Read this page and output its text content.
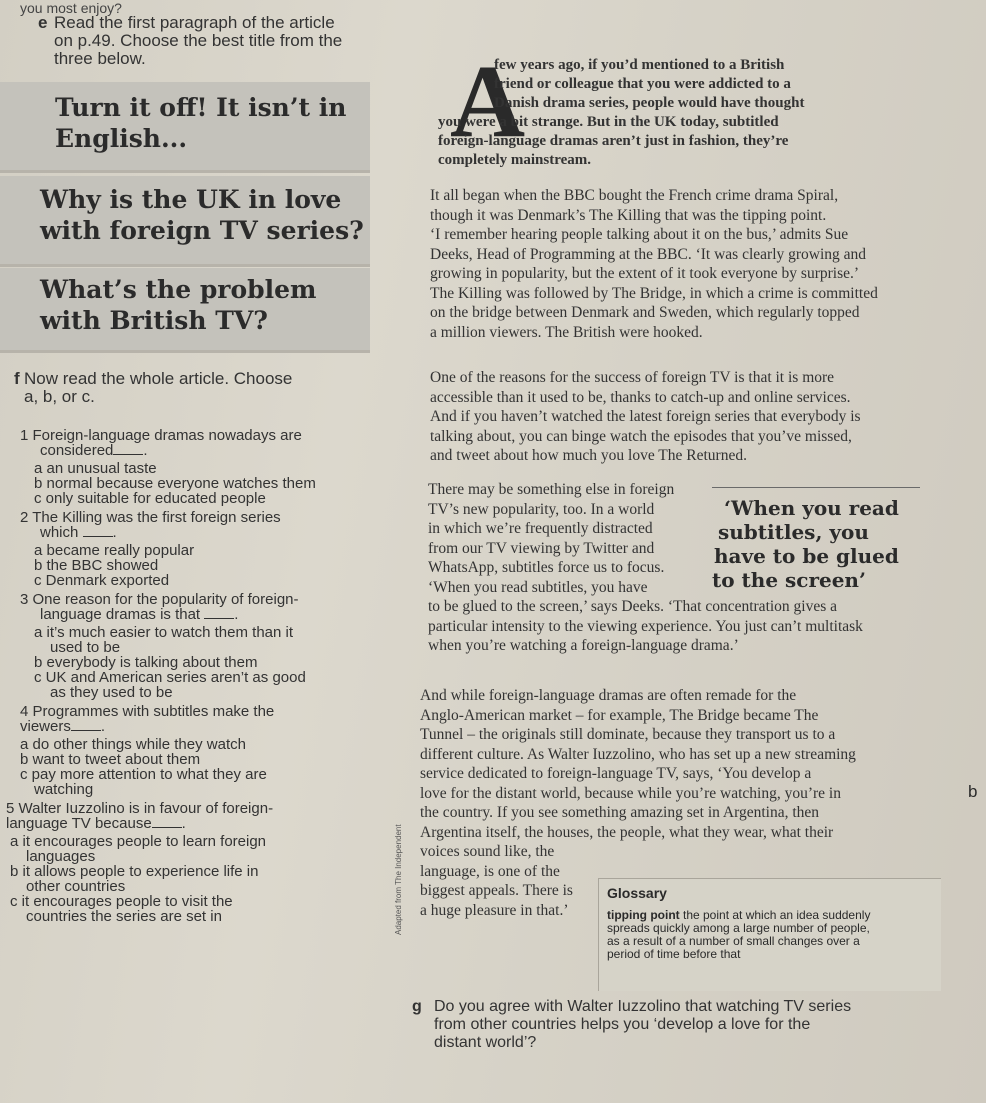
you most enjoy?
e Read the first paragraph of the article
on p.49. Choose the best title from the
three below.
Turn it off! It isn’t in
English...
Why is the UK in love
with foreign TV series?
What’s the problem
with British TV?
f Now read the whole article. Choose
a, b, or c.
1 Foreign-language dramas nowadays are
considered .
a an unusual taste
b normal because everyone watches them
c only suitable for educated people
2 The Killing was the first foreign series
which .
a became really popular
b the BBC showed
c Denmark exported
3 One reason for the popularity of foreign-
language dramas is that .
a it’s much easier to watch them than it
used to be
b everybody is talking about them
c UK and American series aren’t as good
as they used to be
4 Programmes with subtitles make the
viewers .
a do other things while they watch
b want to tweet about them
c pay more attention to what they are
watching
5 Walter Iuzzolino is in favour of foreign-
language TV because .
a it encourages people to learn foreign
languages
b it allows people to experience life in
other countries
c it encourages people to visit the
countries the series are set in
A
few years ago, if you’d mentioned to a British
friend or colleague that you were addicted to a
Danish drama series, people would have thought
you were a bit strange. But in the UK today, subtitled
foreign-language dramas aren’t just in fashion, they’re
completely mainstream.
It all began when the BBC bought the French crime drama Spiral,
though it was Denmark’s The Killing that was the tipping point.
‘I remember hearing people talking about it on the bus,’ admits Sue
Deeks, Head of Programming at the BBC. ‘It was clearly growing and
growing in popularity, but the extent of it took everyone by surprise.’
The Killing was followed by The Bridge, in which a crime is committed
on the bridge between Denmark and Sweden, which regularly topped
a million viewers. The British were hooked.
One of the reasons for the success of foreign TV is that it is more
accessible than it used to be, thanks to catch-up and online services.
And if you haven’t watched the latest foreign series that everybody is
talking about, you can binge watch the episodes that you’ve missed,
and tweet about how much you love The Returned.
There may be something else in foreign
TV’s new popularity, too. In a world
in which we’re frequently distracted
from our TV viewing by Twitter and
WhatsApp, subtitles force us to focus.
‘When you read subtitles, you have
to be glued to the screen,’ says Deeks. ‘That concentration gives a
particular intensity to the viewing experience. You just can’t multitask
when you’re watching a foreign-language drama.’
‘When you read
subtitles, you
have to be glued
to the screen’
And while foreign-language dramas are often remade for the
Anglo-American market – for example, The Bridge became The
Tunnel – the originals still dominate, because they transport us to a
different culture. As Walter Iuzzolino, who has set up a new streaming
service dedicated to foreign-language TV, says, ‘You develop a
love for the distant world, because while you’re watching, you’re in
the country. If you see something amazing set in Argentina, then
Argentina itself, the houses, the people, what they wear, what their
voices sound like, the
language, is one of the
biggest appeals. There is
a huge pleasure in that.’
Adapted from The Independent
b
Glossary
tipping point the point at which an idea suddenly
spreads quickly among a large number of people,
as a result of a number of small changes over a
period of time before that
g Do you agree with Walter Iuzzolino that watching TV series
from other countries helps you ‘develop a love for the
distant world’?
